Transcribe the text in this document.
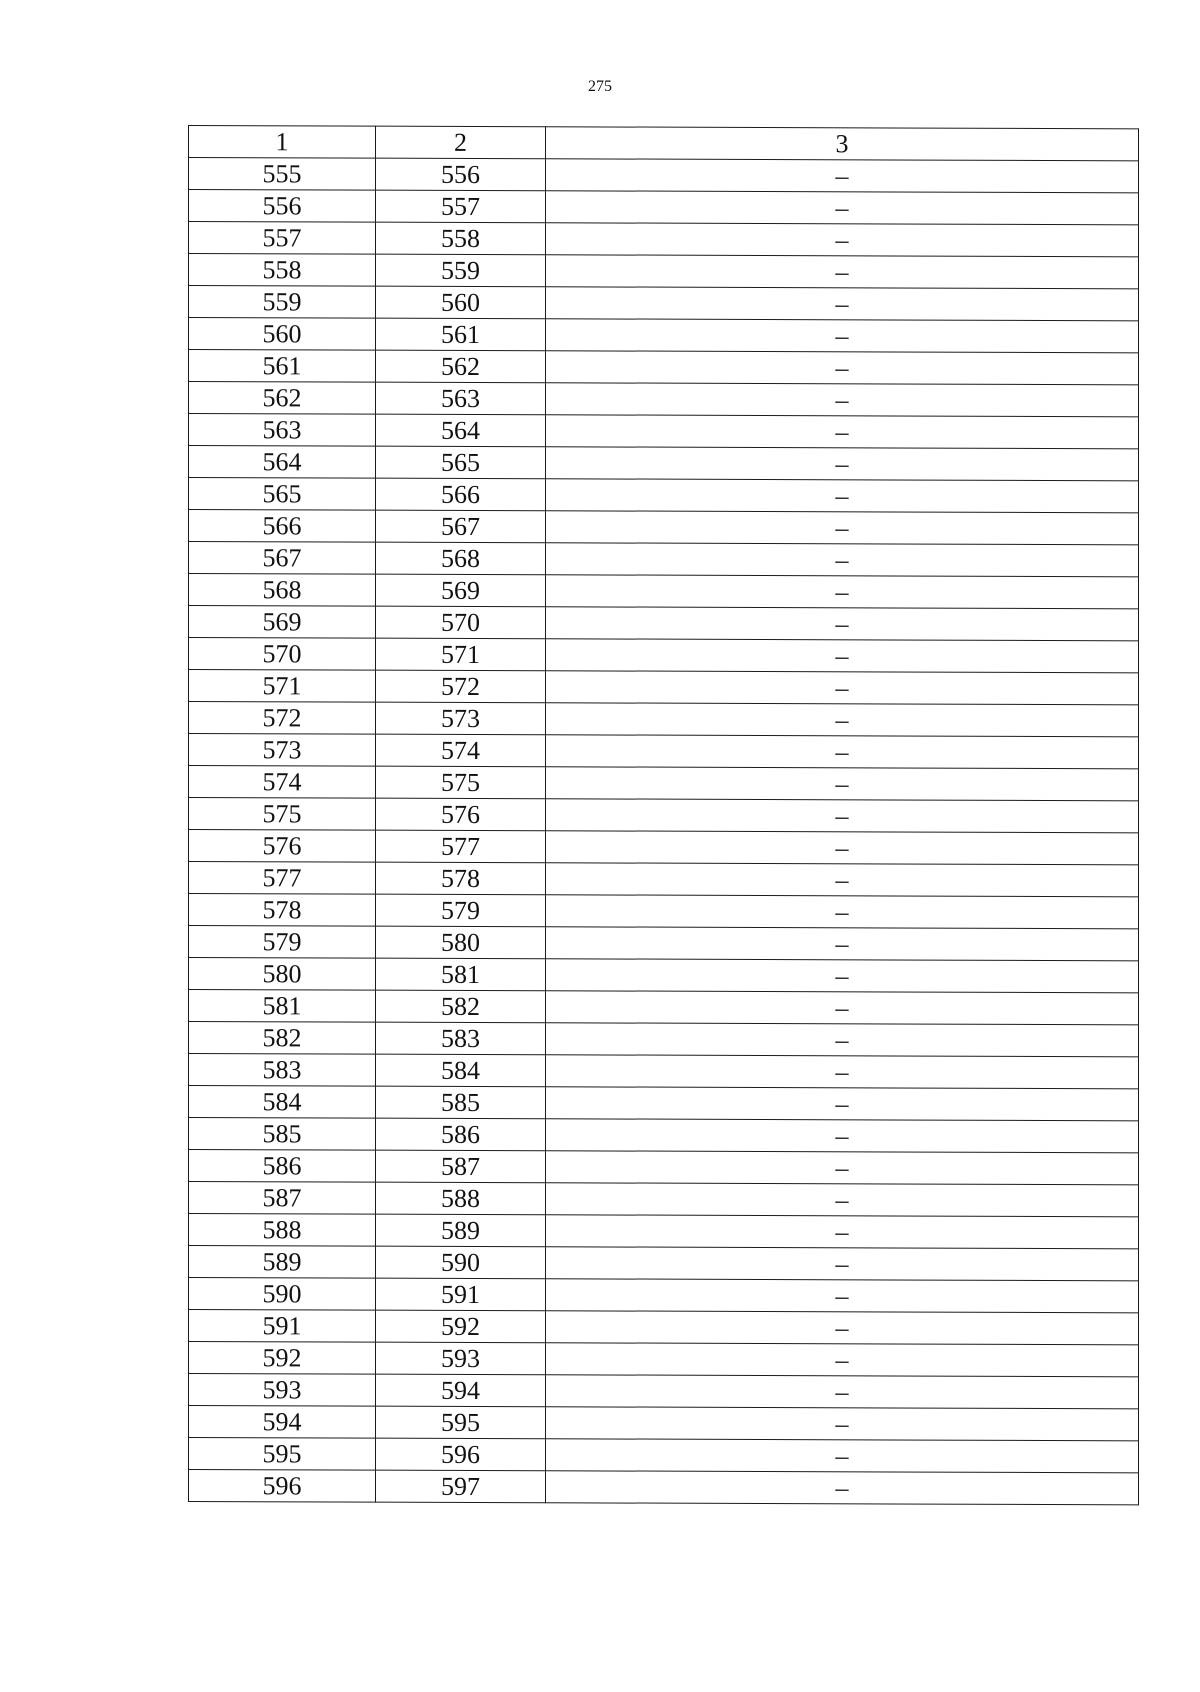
275
1	2	3
555	556	–
556	557	–
557	558	–
558	559	–
559	560	–
560	561	–
561	562	–
562	563	–
563	564	–
564	565	–
565	566	–
566	567	–
567	568	–
568	569	–
569	570	–
570	571	–
571	572	–
572	573	–
573	574	–
574	575	–
575	576	–
576	577	–
577	578	–
578	579	–
579	580	–
580	581	–
581	582	–
582	583	–
583	584	–
584	585	–
585	586	–
586	587	–
587	588	–
588	589	–
589	590	–
590	591	–
591	592	–
592	593	–
593	594	–
594	595	–
595	596	–
596	597	–
